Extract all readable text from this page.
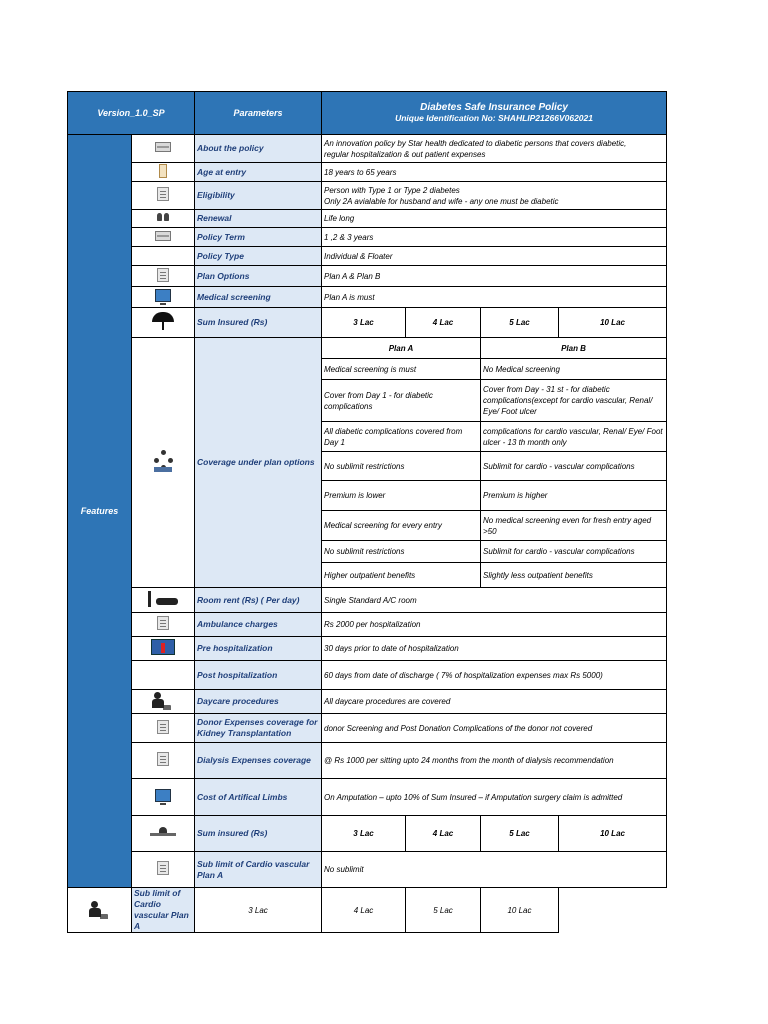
Version_1.0_SP		Parameters	Diabetes Safe Insurance Policy
Unique Identification No: SHAHLIP21266V062021			

Features		About the policy	An innovation policy by Star health dedicated to diabetic persons that covers diabetic,
regular hospitalization & out patient expenses			

		Age at entry	18 years to 65 years			
		Eligibility	Person with Type 1 or Type 2 diabetes
Only 2A avialable for husband and wife - any one must be diabetic			

		Renewal	Life long			
		Policy Term	1 ,2 & 3 years			
		Policy Type	Individual & Floater			
		Plan Options	Plan A & Plan B			
		Medical screening	Plan A is must			
		Sum Insured (Rs)	3 Lac	4 Lac	5 Lac	10 Lac
		Coverage under plan options	Plan A		Plan B	
			Medical screening is must		No Medical screening	
			Cover from Day 1 - for diabetic complications		Cover from Day - 31 st - for diabetic complications(except for cardio vascular, Renal/ Eye/ Foot ulcer	
			All diabetic complications covered from Day 1		complications for cardio vascular, Renal/ Eye/ Foot ulcer - 13 th month only	
			No sublimit restrictions		Sublimit for cardio - vascular complications	
			Premium is lower		Premium is higher	
			Medical screening for every entry		No medical screening even for fresh entry aged >50	
			No sublimit restrictions		Sublimit for cardio - vascular complications	
			Higher outpatient benefits		Slightly less outpatient benefits	
		Room rent (Rs) ( Per day)	Single Standard A/C room			
		Ambulance charges	Rs 2000 per hospitalization			
		Pre hospitalization	30 days prior to date of hospitalization			
		Post hospitalization	60 days from date of discharge ( 7% of hospitalization expenses max Rs 5000)			
		Daycare procedures	All daycare procedures are covered			
		Donor Expenses coverage for Kidney Transplantation	donor Screening and Post Donation Complications of the donor not covered			
		Dialysis Expenses coverage	@ Rs 1000 per sitting upto 24 months from the month of dialysis recommendation			
		Cost of Artifical Limbs	On Amputation – upto 10% of Sum Insured – if Amputation surgery claim is admitted			
		Sum insured (Rs)	3 Lac	4 Lac	5 Lac	10 Lac
		Sub limit of Cardio vascular Plan A	No sublimit			
	Sub limit of Cardio vascular Plan A	3 Lac	4 Lac	5 Lac	10 Lac	
